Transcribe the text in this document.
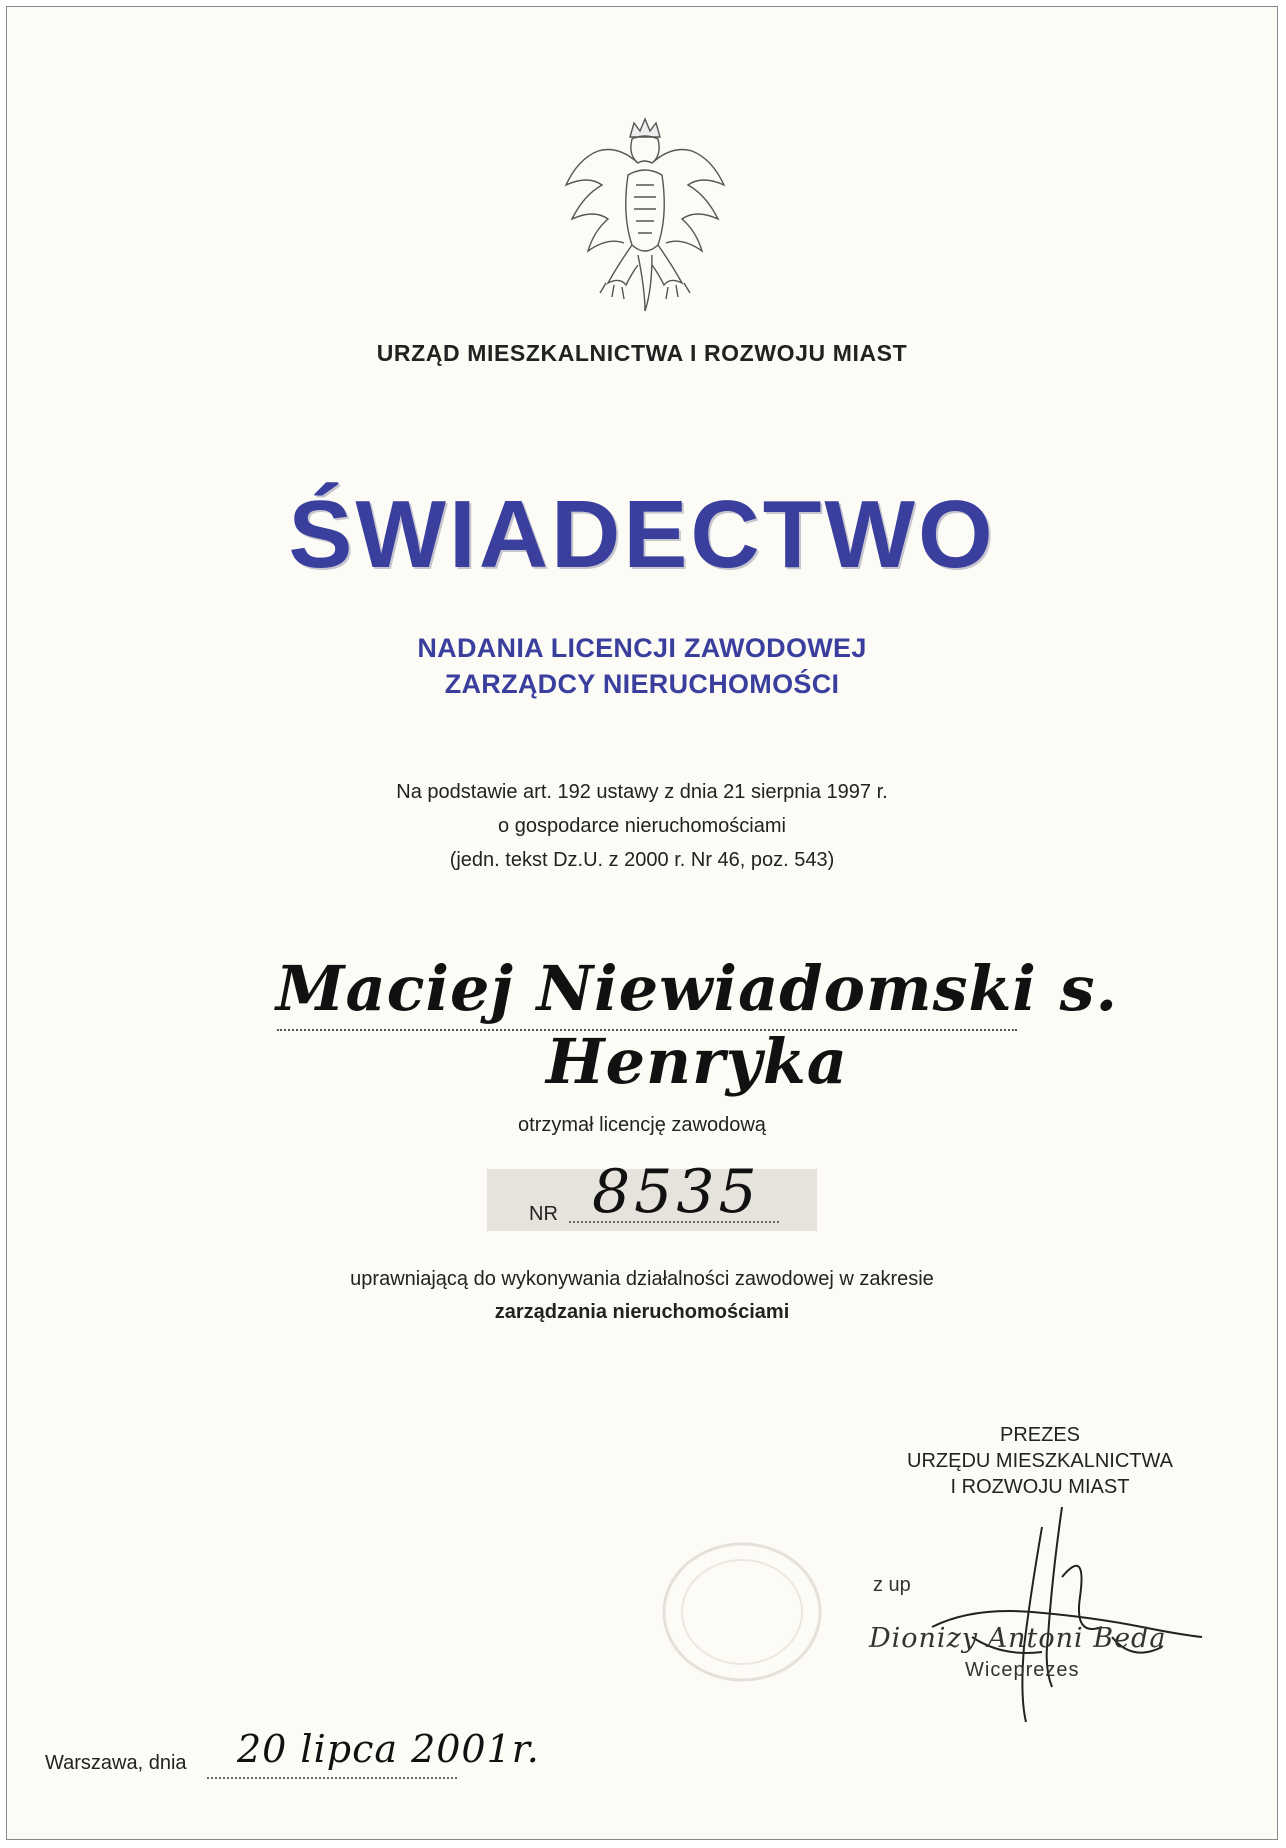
URZĄD MIESZKALNICTWA I ROZWOJU MIAST
ŚWIADECTWO
NADANIA LICENCJI ZAWODOWEJ
ZARZĄDCY NIERUCHOMOŚCI
Na podstawie art. 192 ustawy z dnia 21 sierpnia 1997 r.
o gospodarce nieruchomościami
(jedn. tekst Dz.U. z 2000 r. Nr 46, poz. 543)
Maciej Niewiadomski s. Henryka
otrzymał licencję zawodową
NR 8535
uprawniającą do wykonywania działalności zawodowej w zakresie
zarządzania nieruchomościami
PREZES
URZĘDU MIESZKALNICTWA
I ROZWOJU MIAST
z up
Dionizy Antoni Beda
Wiceprezes
Warszawa, dnia 20 lipca 2001r.
